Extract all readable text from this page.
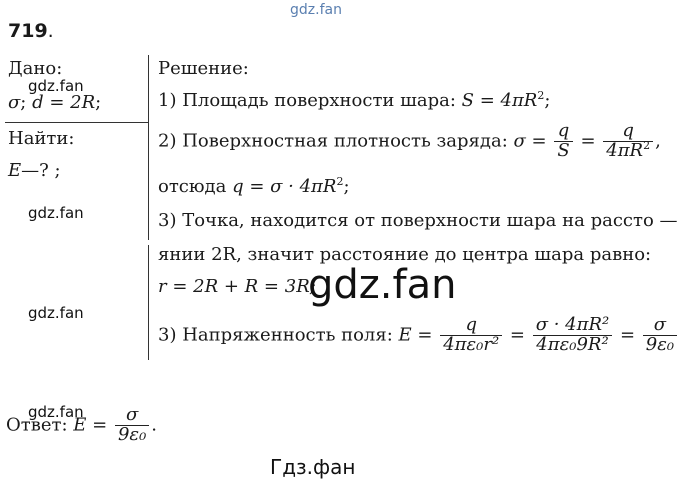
gdz.fan
719.
Дано:
gdz.fan
σ; d = 2R;
Найти:
E—? ;
gdz.fan
gdz.fan
Решение:
1) Площадь поверхности шара: $S = 4\pi R^2$;
2) Поверхностная плотность заряда: $\sigma = \frac{q}{S} = \frac{q}{4\pi R^2}$ ,
отсюда $q = \sigma \cdot 4\pi R^2$;
3) Точка, находится от поверхности шара на рассто —
янии 2R, значит расстояние до центра шара равно:
r = 2R + R = 3R;
gdz.fan
3) Напряженность поля: $E = \frac{q}{\text{4πε₀r²}} = \frac{\text{σ · 4πR²}}{\text{4πε₀9R²}} = \frac{\sigma}{\text{9ε₀}}$
gdz.fan
Ответ: $E = \frac{\sigma}{\text{9ε₀}}$ .
Гдз.фан
